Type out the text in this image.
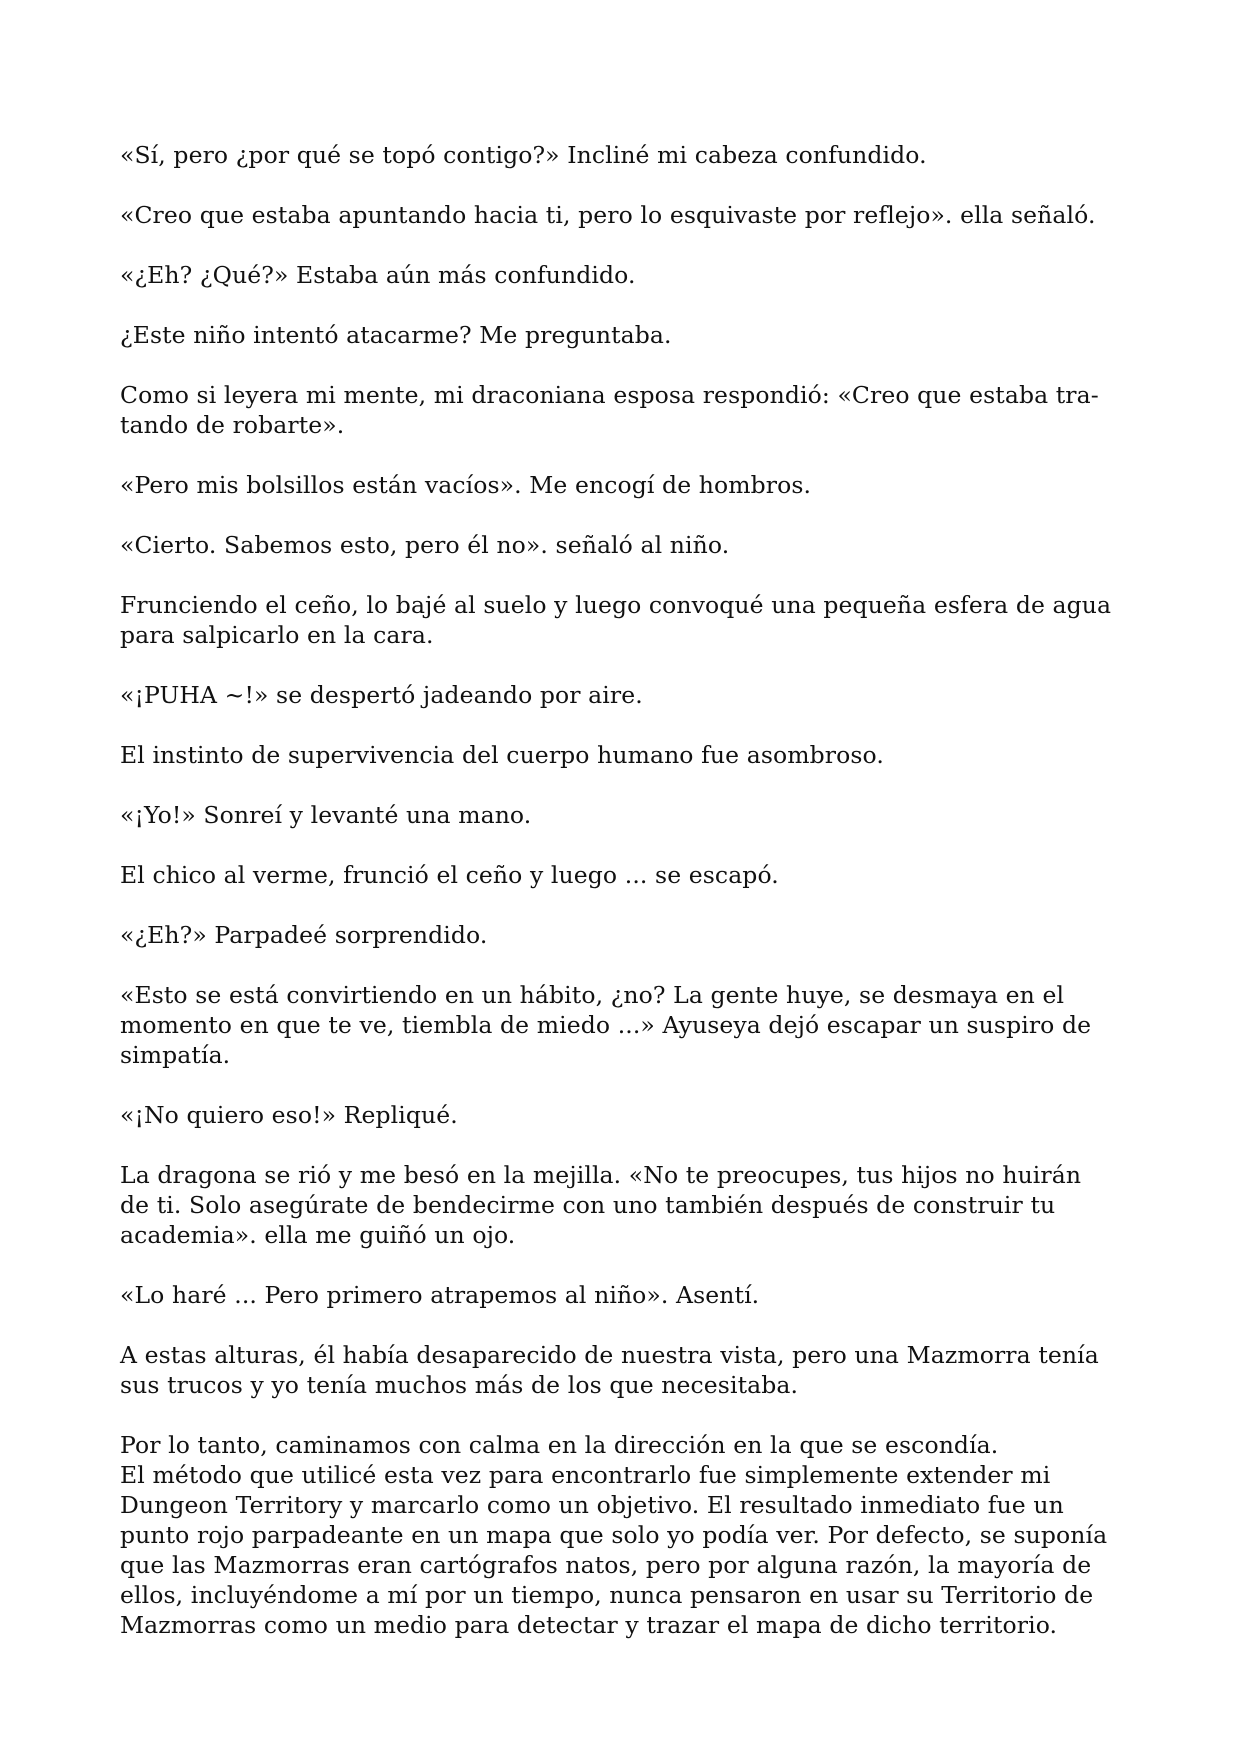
«Sí, pero ¿por qué se topó contigo?» Incliné mi cabeza confundido.

«Creo que estaba apuntando hacia ti, pero lo esquivaste por reflejo». ella señaló.

«¿Eh? ¿Qué?» Estaba aún más confundido.

¿Este niño intentó atacarme? Me preguntaba.

Como si leyera mi mente, mi draconiana esposa respondió: «Creo que estaba tra-
tando de robarte».

«Pero mis bolsillos están vacíos». Me encogí de hombros.

«Cierto. Sabemos esto, pero él no». señaló al niño.

Frunciendo el ceño, lo bajé al suelo y luego convoqué una pequeña esfera de agua
para salpicarlo en la cara.

«¡PUHA ~!» se despertó jadeando por aire.

El instinto de supervivencia del cuerpo humano fue asombroso.

«¡Yo!» Sonreí y levanté una mano.

El chico al verme, frunció el ceño y luego ... se escapó.

«¿Eh?» Parpadeé sorprendido.

«Esto se está convirtiendo en un hábito, ¿no? La gente huye, se desmaya en el
momento en que te ve, tiembla de miedo ...» Ayuseya dejó escapar un suspiro de
simpatía.

«¡No quiero eso!» Repliqué.

La dragona se rió y me besó en la mejilla. «No te preocupes, tus hijos no huirán
de ti. Solo asegúrate de bendecirme con uno también después de construir tu
academia». ella me guiñó un ojo.

«Lo haré ... Pero primero atrapemos al niño». Asentí.

A estas alturas, él había desaparecido de nuestra vista, pero una Mazmorra tenía
sus trucos y yo tenía muchos más de los que necesitaba.

Por lo tanto, caminamos con calma en la dirección en la que se escondía.

El método que utilicé esta vez para encontrarlo fue simplemente extender mi
Dungeon Territory y marcarlo como un objetivo. El resultado inmediato fue un
punto rojo parpadeante en un mapa que solo yo podía ver. Por defecto, se suponía
que las Mazmorras eran cartógrafos natos, pero por alguna razón, la mayoría de
ellos, incluyéndome a mí por un tiempo, nunca pensaron en usar su Territorio de
Mazmorras como un medio para detectar y trazar el mapa de dicho territorio.
